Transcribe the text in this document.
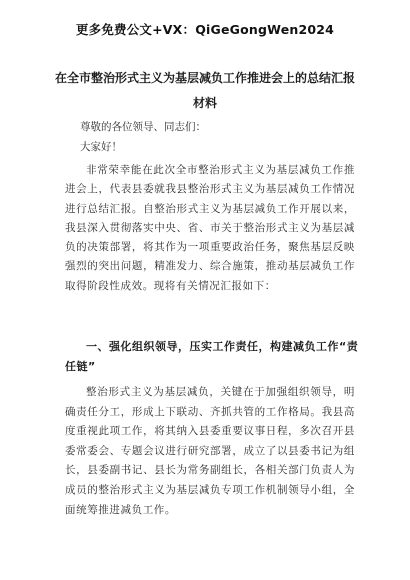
更多免费公文+VX：QiGeGongWen2024
在全市整治形式主义为基层减负工作推进会上的总结汇报材料
尊敬的各位领导、同志们：
大家好！
非常荣幸能在此次全市整治形式主义为基层减负工作推进会上，代表县委就我县整治形式主义为基层减负工作情况进行总结汇报。自整治形式主义为基层减负工作开展以来，我县深入贯彻落实中央、省、市关于整治形式主义为基层减负的决策部署，将其作为一项重要政治任务，聚焦基层反映强烈的突出问题，精准发力、综合施策，推动基层减负工作取得阶段性成效。现将有关情况汇报如下：
一、强化组织领导，压实工作责任，构建减负工作“责任链”
整治形式主义为基层减负，关键在于加强组织领导，明确责任分工，形成上下联动、齐抓共管的工作格局。我县高度重视此项工作，将其纳入县委重要议事日程，多次召开县委常委会、专题会议进行研究部署，成立了以县委书记为组长，县委副书记、县长为常务副组长，各相关部门负责人为成员的整治形式主义为基层减负专项工作机制领导小组，全面统筹推进减负工作。
